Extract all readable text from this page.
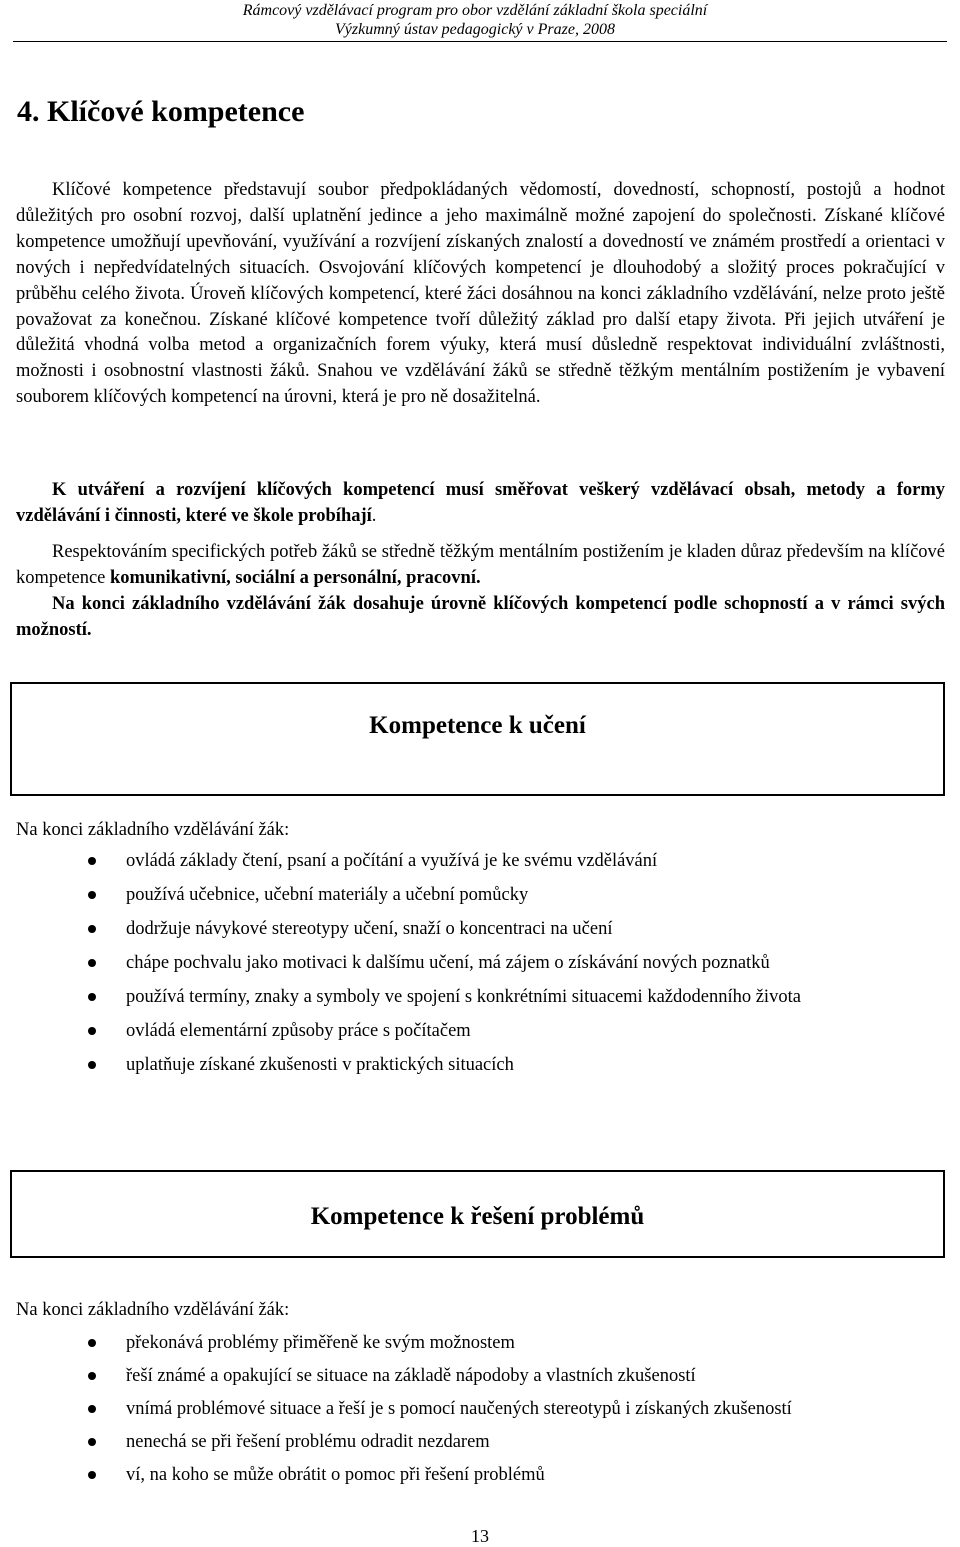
Rámcový vzdělávací program pro obor vzdělání základní škola speciální
Výzkumný ústav pedagogický v Praze, 2008
4. Klíčové kompetence

Klíčové kompetence představují soubor předpokládaných vědomostí, dovedností, schopností, postojů a hodnot důležitých pro osobní rozvoj, další uplatnění jedince a jeho maximálně možné zapojení do společnosti. Získané klíčové kompetence umožňují upevňování, využívání a rozvíjení získaných znalostí a dovedností ve známém prostředí a orientaci v nových i nepředvídatelných situacích. Osvojování klíčových kompetencí je dlouhodobý a složitý proces pokračující v průběhu celého života. Úroveň klíčových kompetencí, které žáci dosáhnou na konci základního vzdělávání, nelze proto ještě považovat za konečnou. Získané klíčové kompetence tvoří důležitý základ pro další etapy života. Při jejich utváření je důležitá vhodná volba metod a organizačních forem výuky, která musí důsledně respektovat individuální zvláštnosti, možnosti i osobnostní vlastnosti žáků. Snahou ve vzdělávání žáků se středně těžkým mentálním postižením je vybavení souborem klíčových kompetencí na úrovni, která je pro ně dosažitelná.

K utváření a rozvíjení klíčových kompetencí musí směřovat veškerý vzdělávací obsah, metody a formy vzdělávání i činnosti, které ve škole probíhají.

Respektováním specifických potřeb žáků se středně těžkým mentálním postižením je kladen důraz především na klíčové kompetence komunikativní, sociální a personální, pracovní.
Na konci základního vzdělávání žák dosahuje úrovně klíčových kompetencí podle schopností a v rámci svých možností.

Kompetence k učení
Na konci základního vzdělávání žák:
ovládá základy čtení, psaní a počítání a využívá je ke svému vzdělávání
používá učebnice, učební materiály a učební pomůcky
dodržuje návykové stereotypy učení, snaží o koncentraci na učení
chápe pochvalu jako motivaci k dalšímu učení, má zájem o získávání nových poznatků
používá termíny, znaky a symboly ve spojení s konkrétními situacemi každodenního života
ovládá elementární způsoby práce s počítačem
uplatňuje získané zkušenosti v praktických situacích
Kompetence k řešení problémů
Na konci základního vzdělávání žák:
překonává problémy přiměřeně ke svým možnostem
řeší známé a opakující se situace na základě nápodoby a vlastních zkušeností
vnímá problémové situace a řeší je s pomocí naučených stereotypů i získaných zkušeností
nenechá se při řešení problému odradit nezdarem
ví, na koho se může obrátit o pomoc při řešení problémů
13
